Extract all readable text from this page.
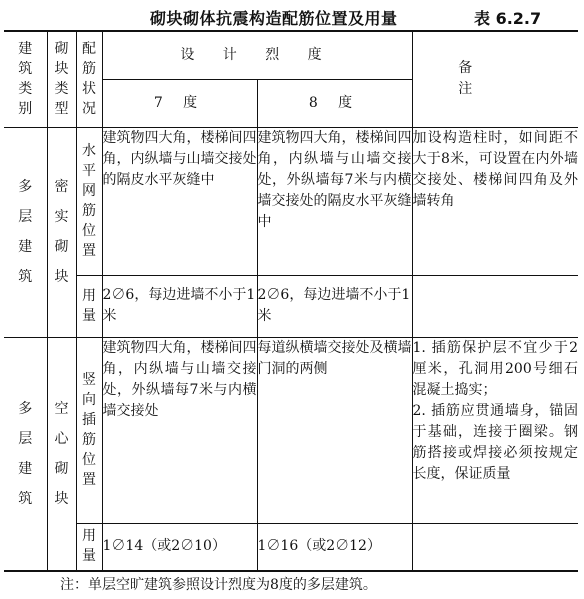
砌块砌体抗震构造配筋位置及用量	表 6.2.7
建筑类别	砌块类型	配筋状况	设 计 烈 度		备 注
			7 度	8 度	
多层建筑	密实砌块	水平网筋位置	建筑物四大角，楼梯间四角，内纵墙与山墙交接处的隔皮水平灰缝中	建筑物四大角，楼梯间四角，内纵墙与山墙交接处，外纵墙每7米与内横墙交接处的隔皮水平灰缝中	加设构造柱时，如间距不大于8米，可设置在内外墙交接处、楼梯间四角及外墙转角
		用量	2∅6，每边进墙不小于1米	2∅6，每边进墙不小于1米	
多层建筑	空心砌块	竖向插筋位置	建筑物四大角，楼梯间四角，内纵墙与山墙交接处，外纵墙每7米与内横墙交接处	每道纵横墙交接处及横墙门洞的两侧	1. 插筋保护层不宜少于2厘米，孔洞用200号细石混凝土捣实；
2. 插筋应贯通墙身，锚固于基础，连接于圈梁。钢筋搭接或焊接必须按规定长度，保证质量

		用量	1∅14（或2∅10）	1∅16（或2∅12）	
注：单层空旷建筑参照设计烈度为8度的多层建筑。
